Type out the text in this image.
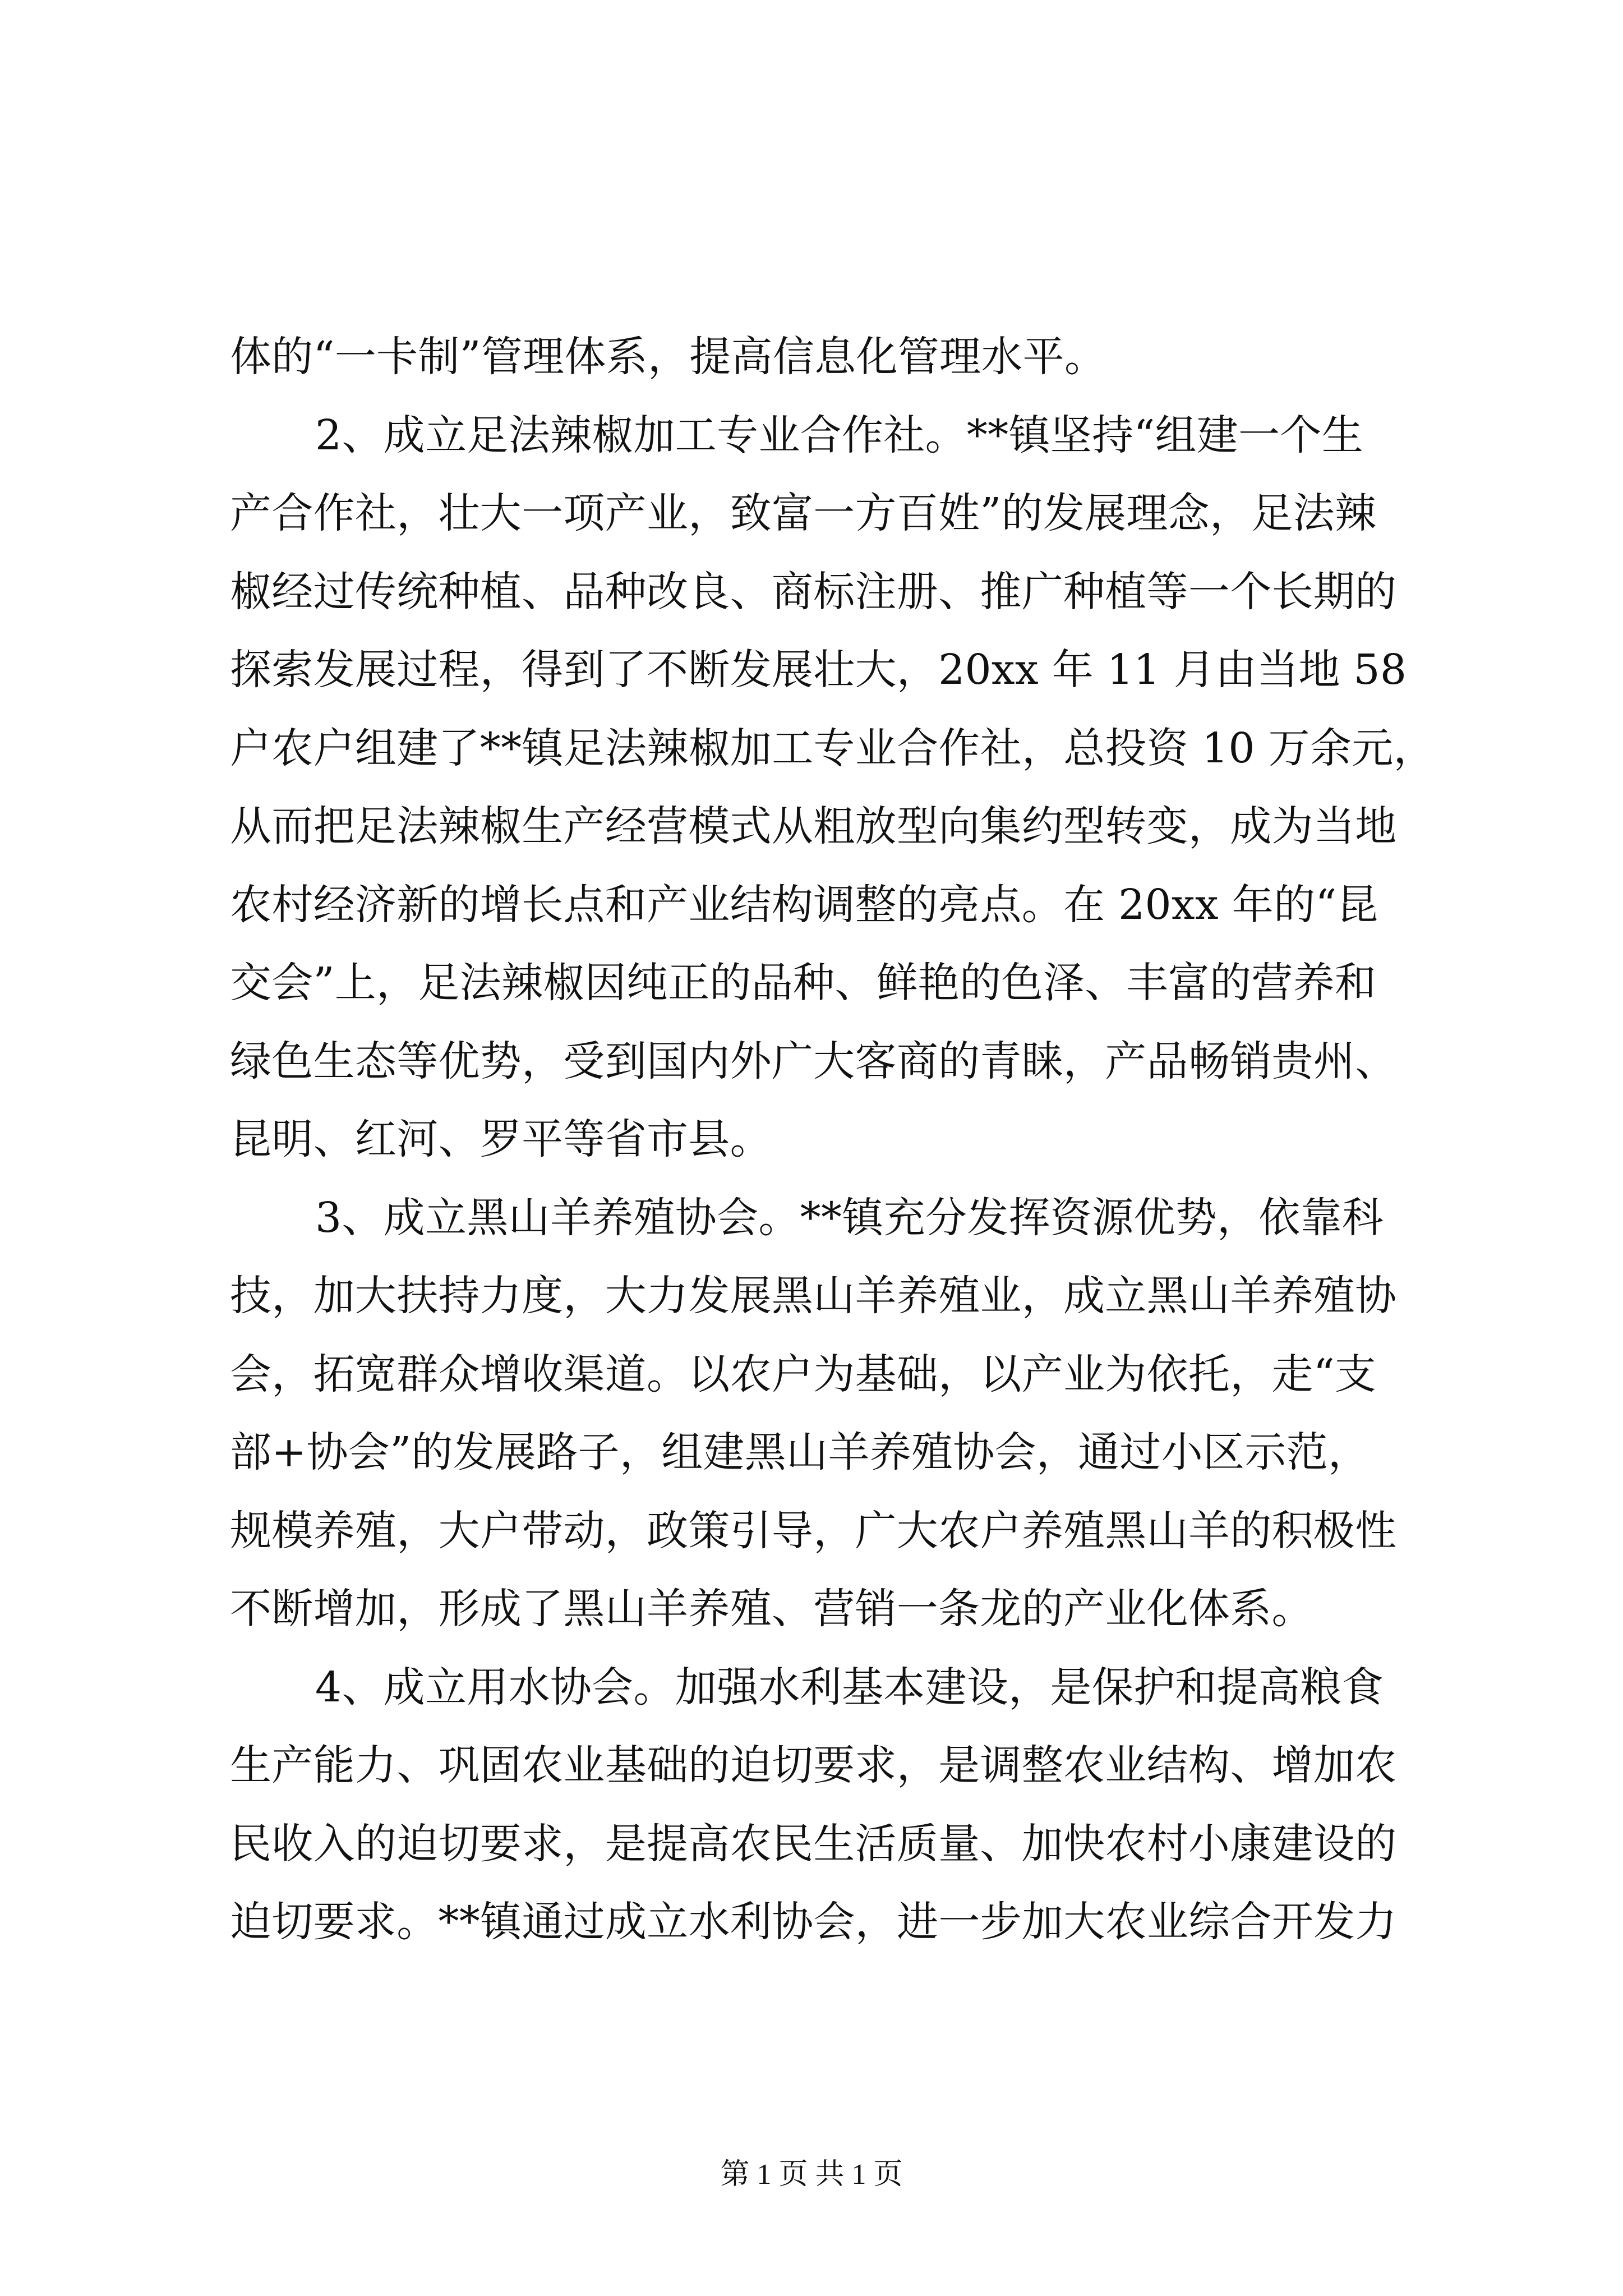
体的“一卡制”管理体系，提高信息化管理水平。
2、成立足法辣椒加工专业合作社。**镇坚持“组建一个生
产合作社，壮大一项产业，致富一方百姓”的发展理念，足法辣
椒经过传统种植、品种改良、商标注册、推广种植等一个长期的
探索发展过程，得到了不断发展壮大，20xx 年 11 月由当地 58
户农户组建了**镇足法辣椒加工专业合作社，总投资 10 万余元，
从而把足法辣椒生产经营模式从粗放型向集约型转变，成为当地
农村经济新的增长点和产业结构调整的亮点。在 20xx 年的“昆
交会”上，足法辣椒因纯正的品种、鲜艳的色泽、丰富的营养和
绿色生态等优势，受到国内外广大客商的青睐，产品畅销贵州、
昆明、红河、罗平等省市县。
3、成立黑山羊养殖协会。**镇充分发挥资源优势，依靠科
技，加大扶持力度，大力发展黑山羊养殖业，成立黑山羊养殖协
会，拓宽群众增收渠道。以农户为基础，以产业为依托，走“支
部+协会”的发展路子，组建黑山羊养殖协会，通过小区示范，
规模养殖，大户带动，政策引导，广大农户养殖黑山羊的积极性
不断增加，形成了黑山羊养殖、营销一条龙的产业化体系。
4、成立用水协会。加强水利基本建设，是保护和提高粮食
生产能力、巩固农业基础的迫切要求，是调整农业结构、增加农
民收入的迫切要求，是提高农民生活质量、加快农村小康建设的
迫切要求。**镇通过成立水利协会，进一步加大农业综合开发力
第 1 页 共 1 页
